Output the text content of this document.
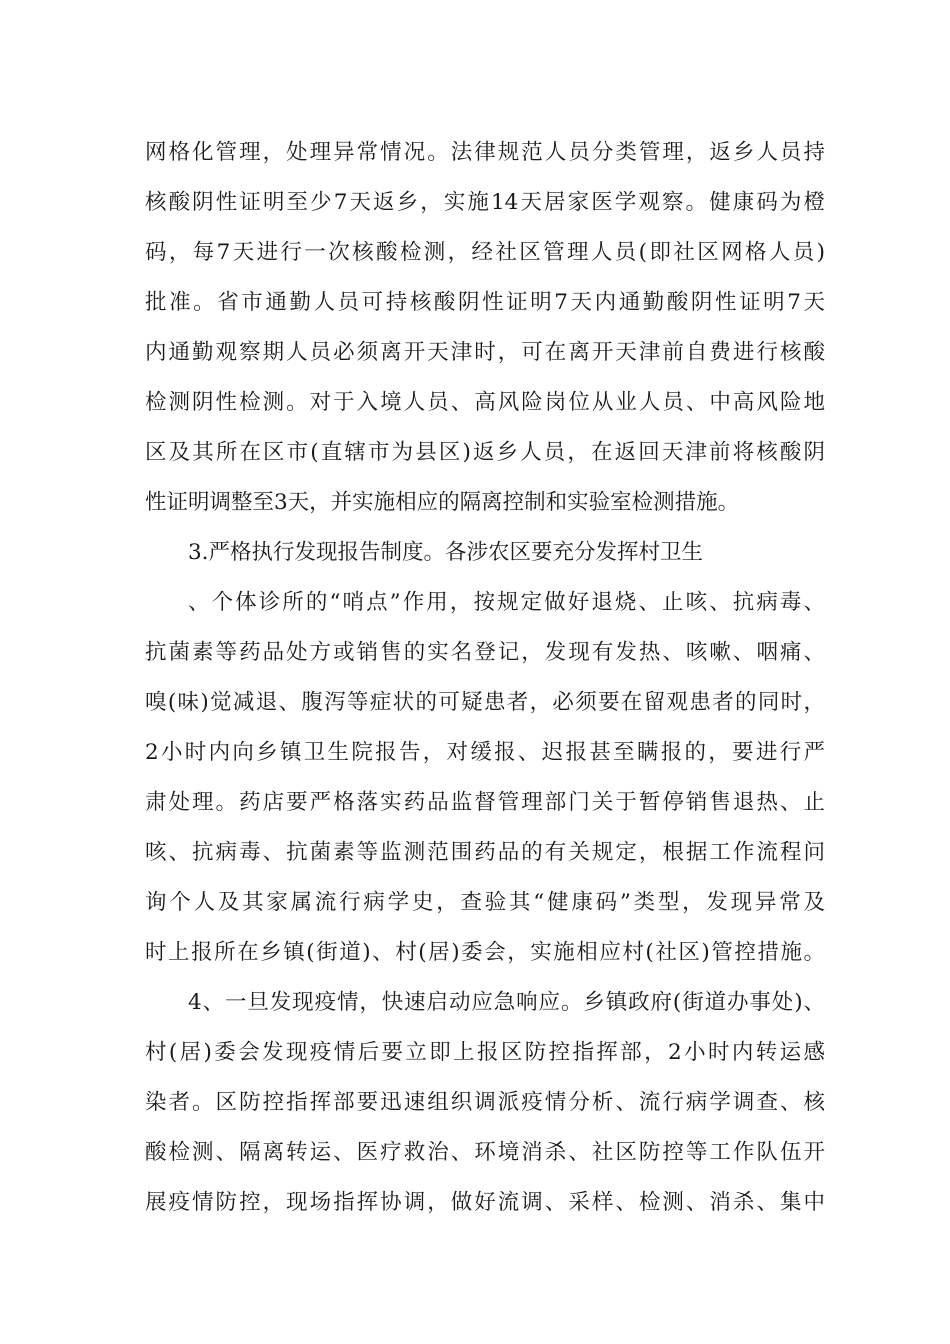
网格化管理，处理异常情况。法律规范人员分类管理，返乡人员持
核酸阴性证明至少7天返乡，实施14天居家医学观察。健康码为橙
码，每7天进行一次核酸检测，经社区管理人员(即社区网格人员)
批准。省市通勤人员可持核酸阴性证明7天内通勤酸阴性证明7天
内通勤观察期人员必须离开天津时，可在离开天津前自费进行核酸
检测阴性检测。对于入境人员、高风险岗位从业人员、中高风险地
区及其所在区市(直辖市为县区)返乡人员，在返回天津前将核酸阴
性证明调整至3天，并实施相应的隔离控制和实验室检测措施。
3.严格执行发现报告制度。各涉农区要充分发挥村卫生
、个体诊所的“哨点”作用，按规定做好退烧、止咳、抗病毒、
抗菌素等药品处方或销售的实名登记，发现有发热、咳嗽、咽痛、
嗅(味)觉减退、腹泻等症状的可疑患者，必须要在留观患者的同时，
2小时内向乡镇卫生院报告，对缓报、迟报甚至瞒报的，要进行严
肃处理。药店要严格落实药品监督管理部门关于暂停销售退热、止
咳、抗病毒、抗菌素等监测范围药品的有关规定，根据工作流程问
询个人及其家属流行病学史，查验其“健康码”类型，发现异常及
时上报所在乡镇(街道)、村(居)委会，实施相应村(社区)管控措施。
4、一旦发现疫情，快速启动应急响应。乡镇政府(街道办事处)、
村(居)委会发现疫情后要立即上报区防控指挥部，2小时内转运感
染者。区防控指挥部要迅速组织调派疫情分析、流行病学调查、核
酸检测、隔离转运、医疗救治、环境消杀、社区防控等工作队伍开
展疫情防控，现场指挥协调，做好流调、采样、检测、消杀、集中
